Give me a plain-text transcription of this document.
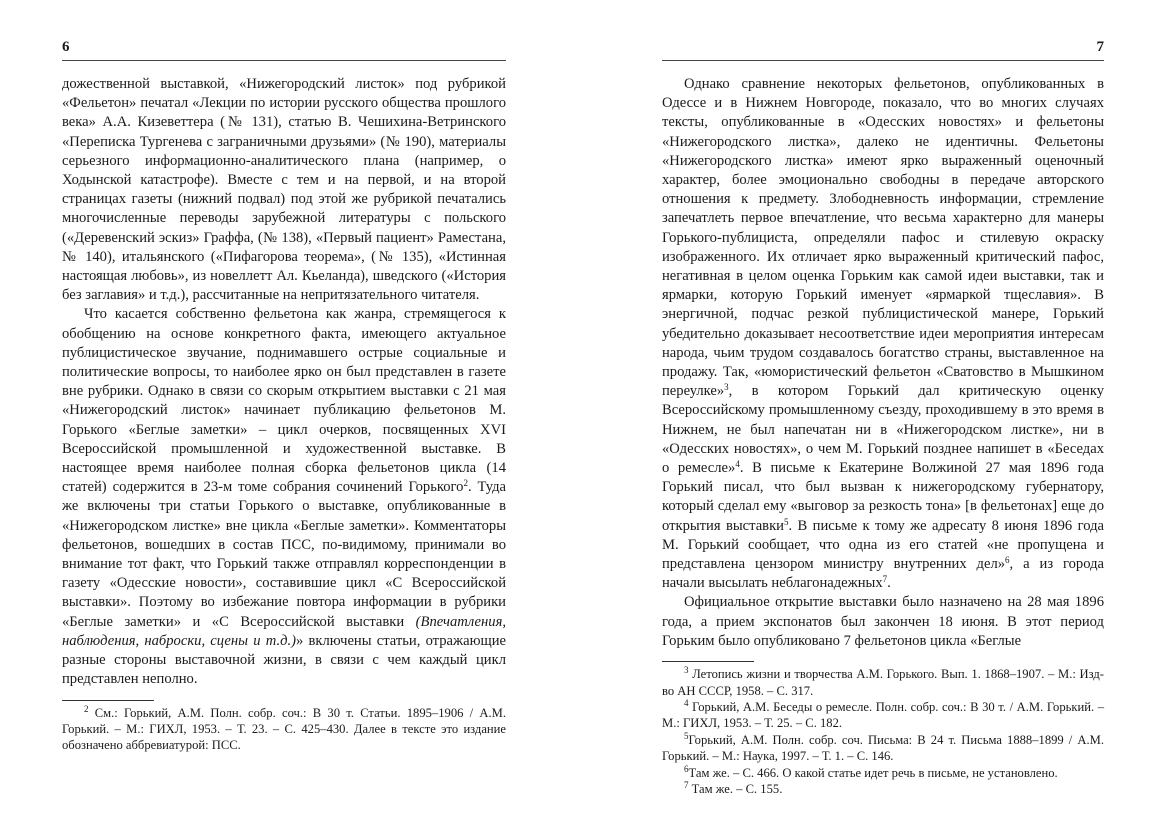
6

дожественной выставкой, «Нижегородский листок» под рубрикой «Фельетон» печатал «Лекции по истории русского общества прошлого века» А.А. Кизеветтера (№ 131), статью В. Чешихина-Ветринского «Переписка Тургенева с заграничными друзьями» (№ 190), материалы серьезного информационно-аналитического плана (например, о Ходынской катастрофе). Вместе с тем и на первой, и на второй страницах газеты (нижний подвал) под этой же рубрикой печатались многочисленные переводы зарубежной литературы с польского («Деревенский эскиз» Граффа, (№ 138), «Первый пациент» Раместана, № 140), итальянского («Пифагорова теорема», (№ 135), «Истинная настоящая любовь», из новеллетт Ал. Кьеланда), шведского («История без заглавия» и т.д.), рассчитанные на непритязательного читателя.

Что касается собственно фельетона как жанра, стремящегося к обобщению на основе конкретного факта, имеющего актуальное публицистическое звучание, поднимавшего острые социальные и политические вопросы, то наиболее ярко он был представлен в газете вне рубрики. Однако в связи со скорым открытием выставки с 21 мая «Нижегородский листок» начинает публикацию фельетонов М. Горького «Беглые заметки» – цикл очерков, посвященных XVI Всероссийской промышленной и художественной выставке. В настоящее время наиболее полная сборка фельетонов цикла (14 статей) содержится в 23-м томе собрания сочинений Горького$^2$. Туда же включены три статьи Горького о выставке, опубликованные в «Нижегородском листке» вне цикла «Беглые заметки». Комментаторы фельетонов, вошедших в состав ПСС, по-видимому, принимали во внимание тот факт, что Горький также отправлял корреспонденции в газету «Одесские новости», составившие цикл «С Всероссийской выставки». Поэтому во избежание повтора информации в рубрики «Беглые заметки» и «С Всероссийской выставки (Впечатления, наблюдения, наброски, сцены и т.д.)» включены статьи, отражающие разные стороны выставочной жизни, в связи с чем каждый цикл представлен неполно.

$^2$ См.: Горький, А.М. Полн. собр. соч.: В 30 т. Статьи. 1895–1906 / А.М. Горький. – М.: ГИХЛ, 1953. – Т. 23. – С. 425–430. Далее в тексте это издание обозначено аббревиатурой: ПСС.

7

Однако сравнение некоторых фельетонов, опубликованных в Одессе и в Нижнем Новгороде, показало, что во многих случаях тексты, опубликованные в «Одесских новостях» и фельетоны «Нижегородского листка», далеко не идентичны. Фельетоны «Нижегородского листка» имеют ярко выраженный оценочный характер, более эмоционально свободны в передаче авторского отношения к предмету. Злободневность информации, стремление запечатлеть первое впечатление, что весьма характерно для манеры Горького-публициста, определяли пафос и стилевую окраску изображенного. Их отличает ярко выраженный критический пафос, негативная в целом оценка Горьким как самой идеи выставки, так и ярмарки, которую Горький именует «ярмаркой тщеславия». В энергичной, подчас резкой публицистической манере, Горький убедительно доказывает несоответствие идеи мероприятия интересам народа, чьим трудом создавалось богатство страны, выставленное на продажу. Так, «юмористический фельетон «Сватовство в Мышкином переулке»$^3$, в котором Горький дал критическую оценку Всероссийскому промышленному съезду, проходившему в это время в Нижнем, не был напечатан ни в «Нижегородском листке», ни в «Одесских новостях», о чем М. Горький позднее напишет в «Беседах о ремесле»$^4$. В письме к Екатерине Волжиной 27 мая 1896 года Горький писал, что был вызван к нижегородскому губернатору, который сделал ему «выговор за резкость тона» [в фельетонах] еще до открытия выставки$^5$. В письме к тому же адресату 8 июня 1896 года М. Горький сообщает, что одна из его статей «не пропущена и представлена цензором министру внутренних дел»$^6$, а из города начали высылать неблагонадежных$^7$.

Официальное открытие выставки было назначено на 28 мая 1896 года, а прием экспонатов был закончен 18 июня. В этот период Горьким было опубликовано 7 фельетонов цикла «Беглые

$^3$ Летопись жизни и творчества А.М. Горького. Вып. 1. 1868–1907. – М.: Изд-во АН СССР, 1958. – С. 317.

$^4$ Горький, А.М. Беседы о ремесле. Полн. собр. соч.: В 30 т. / А.М. Горький. – М.: ГИХЛ, 1953. – Т. 25. – С. 182.

$^5$Горький, А.М. Полн. собр. соч. Письма: В 24 т. Письма 1888–1899 / А.М. Горький. – М.: Наука, 1997. – Т. 1. – С. 146.

$^6$Там же. – С. 466. О какой статье идет речь в письме, не установлено.

$^7$ Там же. – С. 155.
